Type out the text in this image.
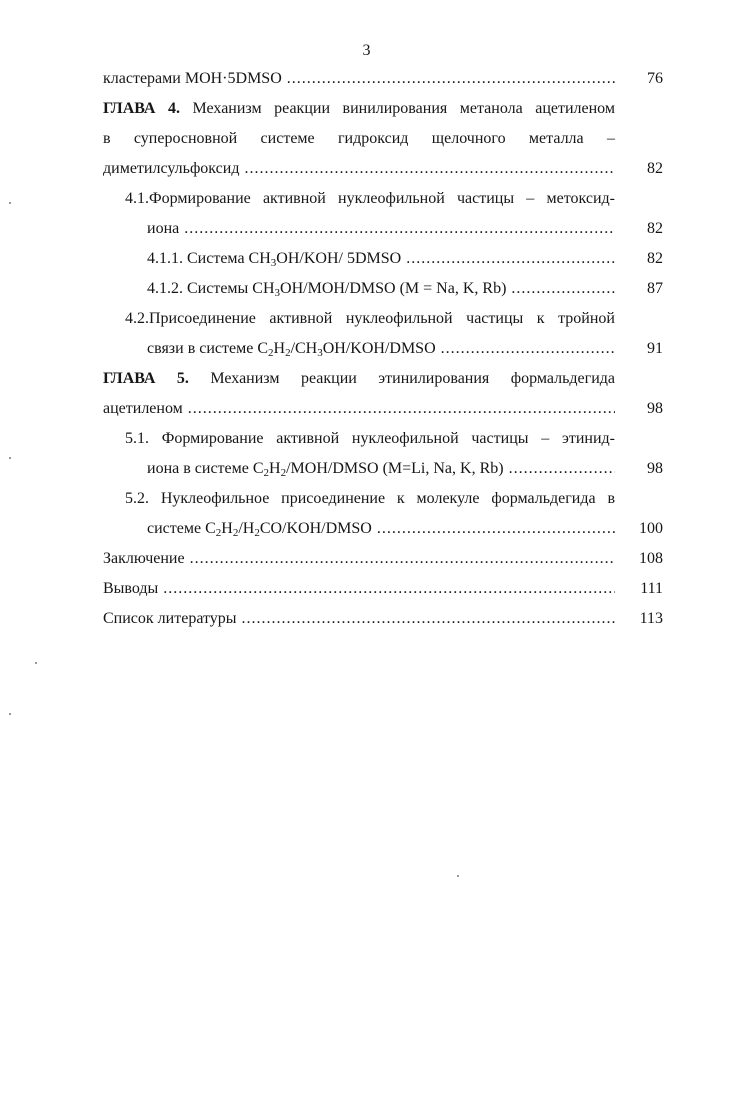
3
кластерами MOH·5DMSO .....	76
ГЛАВА 4. Механизм реакции винилирования метанола ацетиленом
в супероснoвной системе гидроксид щелочного металла –
диметилсульфоксид .....	82
4.1.Формирование активной нуклеофильной частицы – метоксид-
иона .....	82
4.1.1. Система $CH_3OH/KOH/$ 5DMSO .....	82
4.1.2. Системы $CH_3OH/MOH$/DMSO (M = Na, K, Rb) .....	87
4.2.Присоединение активной нуклеофильной частицы к тройной
связи в системе $C_2H_2/CH_3OH/KOH$/DMSO .....	91
ГЛАВА 5. Механизм реакции этинилирования формальдегида
ацетиленом .....	98
5.1. Формирование активной нуклеофильной частицы – этинид-
иона в системе $C_2H_2/MOH$/DMSO (M=Li, Na, K, Rb) .....	98
5.2. Нуклеофильное присоединение к молекуле формальдегида в
системе $C_2H_2/H_2CO/KOH$/DMSO .....	100
Заключение .....	108
Выводы .....	111
Список литературы .....	113
